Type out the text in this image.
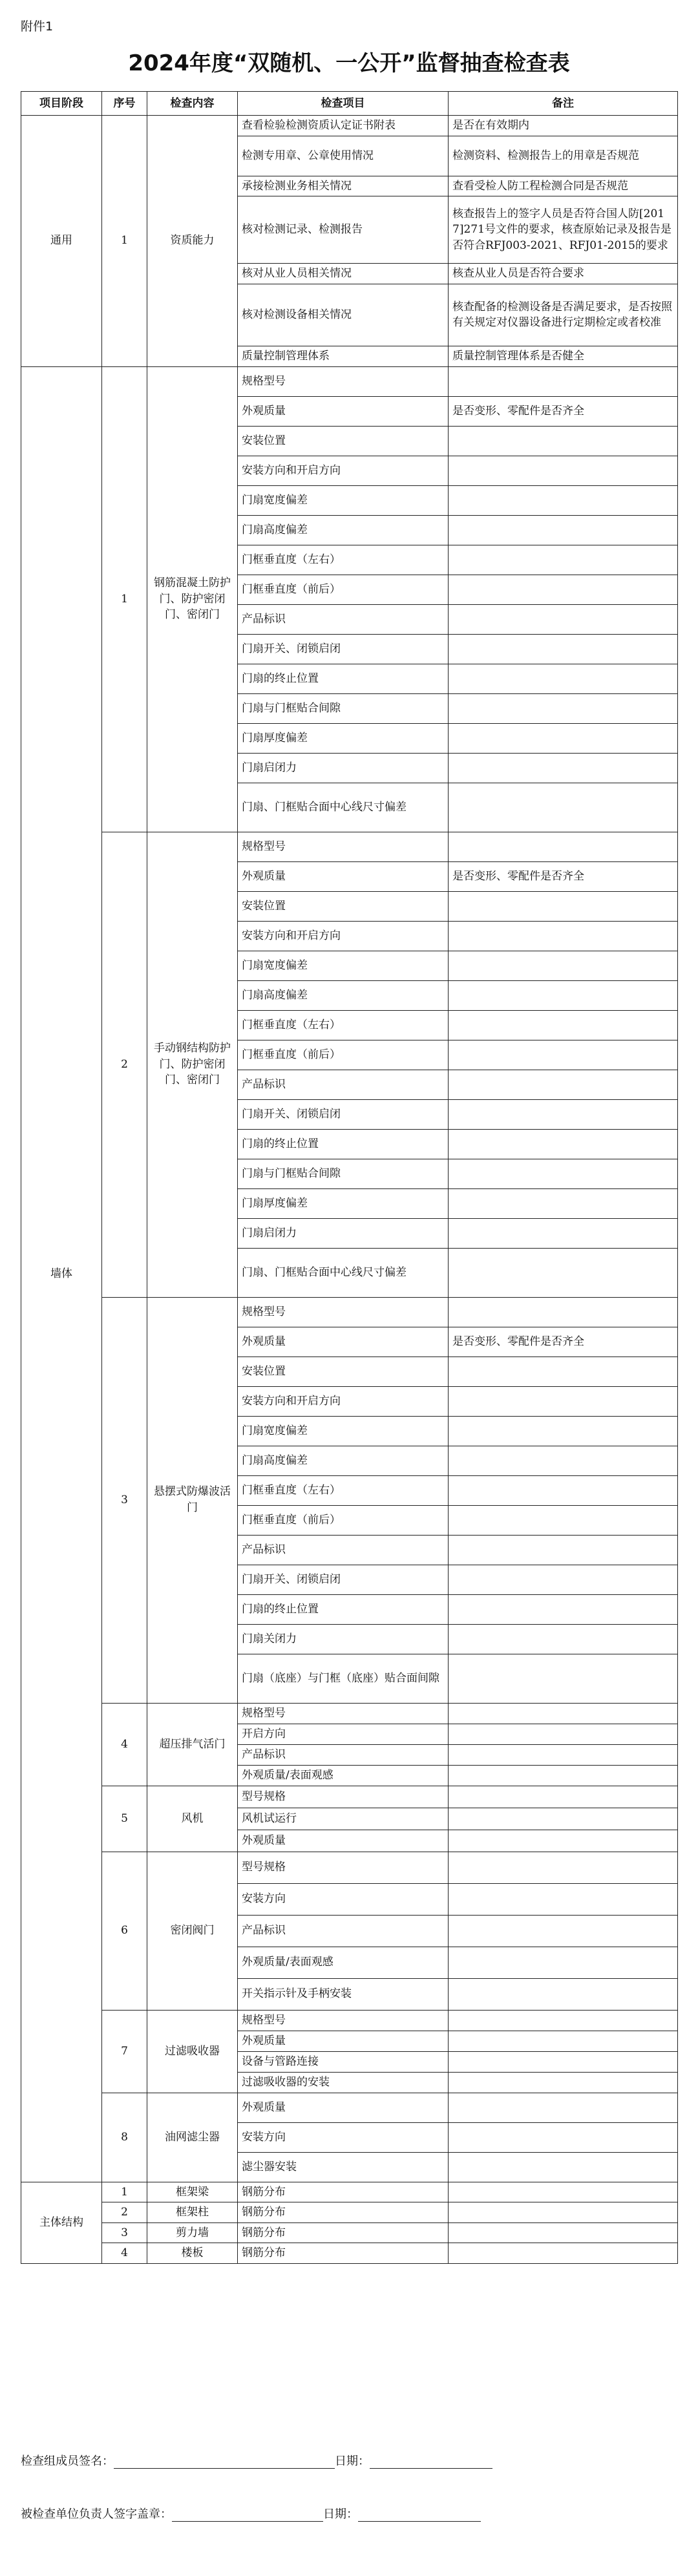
附件1
2024年度“双随机、一公开”监督抽查检查表
项目阶段	序号	检查内容	检查项目	备注
通用	1	资质能力	查看检验检测资质认定证书附表	是否在有效期内
			检测专用章、公章使用情况	检测资料、检测报告上的用章是否规范
			承接检测业务相关情况	查看受检人防工程检测合同是否规范
			核对检测记录、检测报告	核查报告上的签字人员是否符合国人防[2017]271号文件的要求，核查原始记录及报告是否符合RFJ003-2021、RFJ01-2015的要求
			核对从业人员相关情况	核查从业人员是否符合要求
			核对检测设备相关情况	核查配备的检测设备是否满足要求，是否按照有关规定对仪器设备进行定期检定或者校准
			质量控制管理体系	质量控制管理体系是否健全
墙体	1	钢筋混凝土防护门、防护密闭门、密闭门	规格型号	
			外观质量	是否变形、零配件是否齐全
			安装位置	
			安装方向和开启方向	
			门扇宽度偏差	
			门扇高度偏差	
			门框垂直度（左右）	
			门框垂直度（前后）	
			产品标识	
			门扇开关、闭锁启闭	
			门扇的终止位置	
			门扇与门框贴合间隙	
			门扇厚度偏差	
			门扇启闭力	
			门扇、门框贴合面中心线尺寸偏差	
	2	手动钢结构防护门、防护密闭门、密闭门	规格型号	
			外观质量	是否变形、零配件是否齐全
			安装位置	
			安装方向和开启方向	
			门扇宽度偏差	
			门扇高度偏差	
			门框垂直度（左右）	
			门框垂直度（前后）	
			产品标识	
			门扇开关、闭锁启闭	
			门扇的终止位置	
			门扇与门框贴合间隙	
			门扇厚度偏差	
			门扇启闭力	
			门扇、门框贴合面中心线尺寸偏差	
	3	悬摆式防爆波活门	规格型号	
			外观质量	是否变形、零配件是否齐全
			安装位置	
			安装方向和开启方向	
			门扇宽度偏差	
			门扇高度偏差	
			门框垂直度（左右）	
			门框垂直度（前后）	
			产品标识	
			门扇开关、闭锁启闭	
			门扇的终止位置	
			门扇关闭力	
			门扇（底座）与门框（底座）贴合面间隙	
	4	超压排气活门	规格型号	
			开启方向	
			产品标识	
			外观质量/表面观感	
	5	风机	型号规格	
			风机试运行	
			外观质量	
	6	密闭阀门	型号规格	
			安装方向	
			产品标识	
			外观质量/表面观感	
			开关指示针及手柄安装	
	7	过滤吸收器	规格型号	
			外观质量	
			设备与管路连接	
			过滤吸收器的安装	
	8	油网滤尘器	外观质量	
			安装方向	
			滤尘器安装	
主体结构	1	框架梁	钢筋分布	
	2	框架柱	钢筋分布	
	3	剪力墙	钢筋分布	
	4	楼板	钢筋分布	
检查组成员签名：	日期：
被检查单位负责人签字盖章：	日期：
